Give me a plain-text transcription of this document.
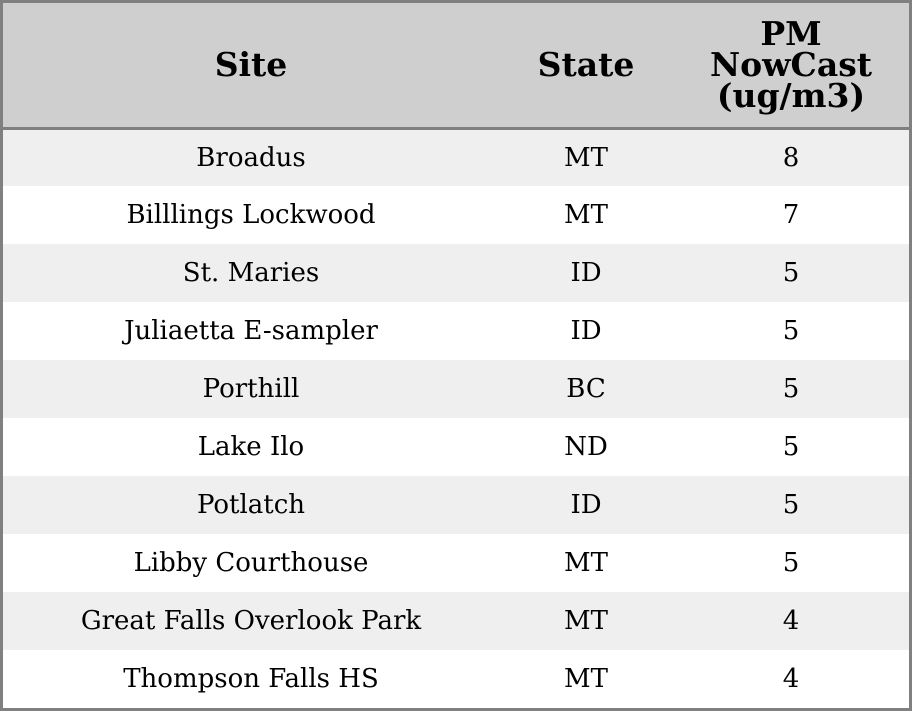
Site	State	PM
NowCast
(ug/m3)

Broadus	MT	8
Billlings Lockwood	MT	7
St. Maries	ID	5
Juliaetta E-sampler	ID	5
Porthill	BC	5
Lake Ilo	ND	5
Potlatch	ID	5
Libby Courthouse	MT	5
Great Falls Overlook Park	MT	4
Thompson Falls HS	MT	4
